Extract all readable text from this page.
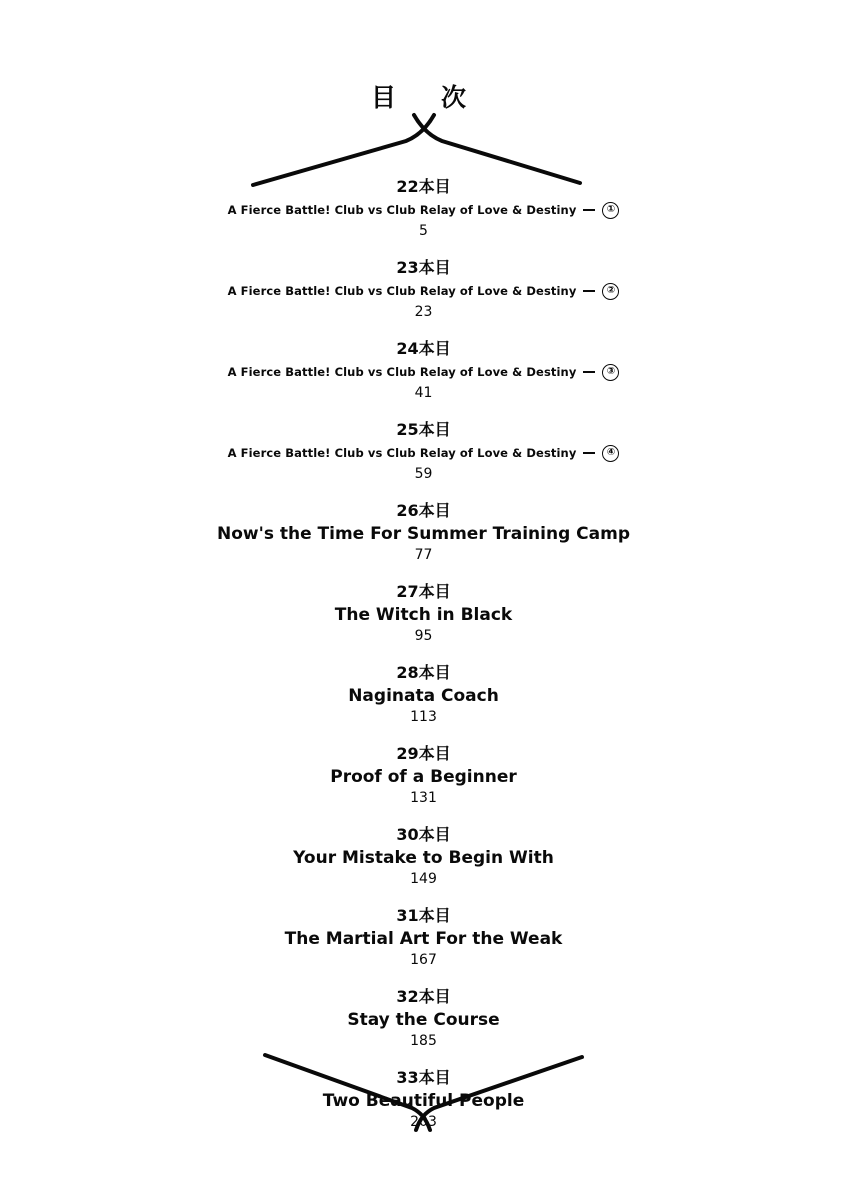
目　次
22本目
A Fierce Battle! Club vs Club Relay of Love & Destiny	①
5
23本目
A Fierce Battle! Club vs Club Relay of Love & Destiny	②
23
24本目
A Fierce Battle! Club vs Club Relay of Love & Destiny	③
41
25本目
A Fierce Battle! Club vs Club Relay of Love & Destiny	④
59
26本目
Now's the Time For Summer Training Camp
77
27本目
The Witch in Black
95
28本目
Naginata Coach
113
29本目
Proof of a Beginner
131
30本目
Your Mistake to Begin With
149
31本目
The Martial Art For the Weak
167
32本目
Stay the Course
185
33本目
Two Beautiful People
203
